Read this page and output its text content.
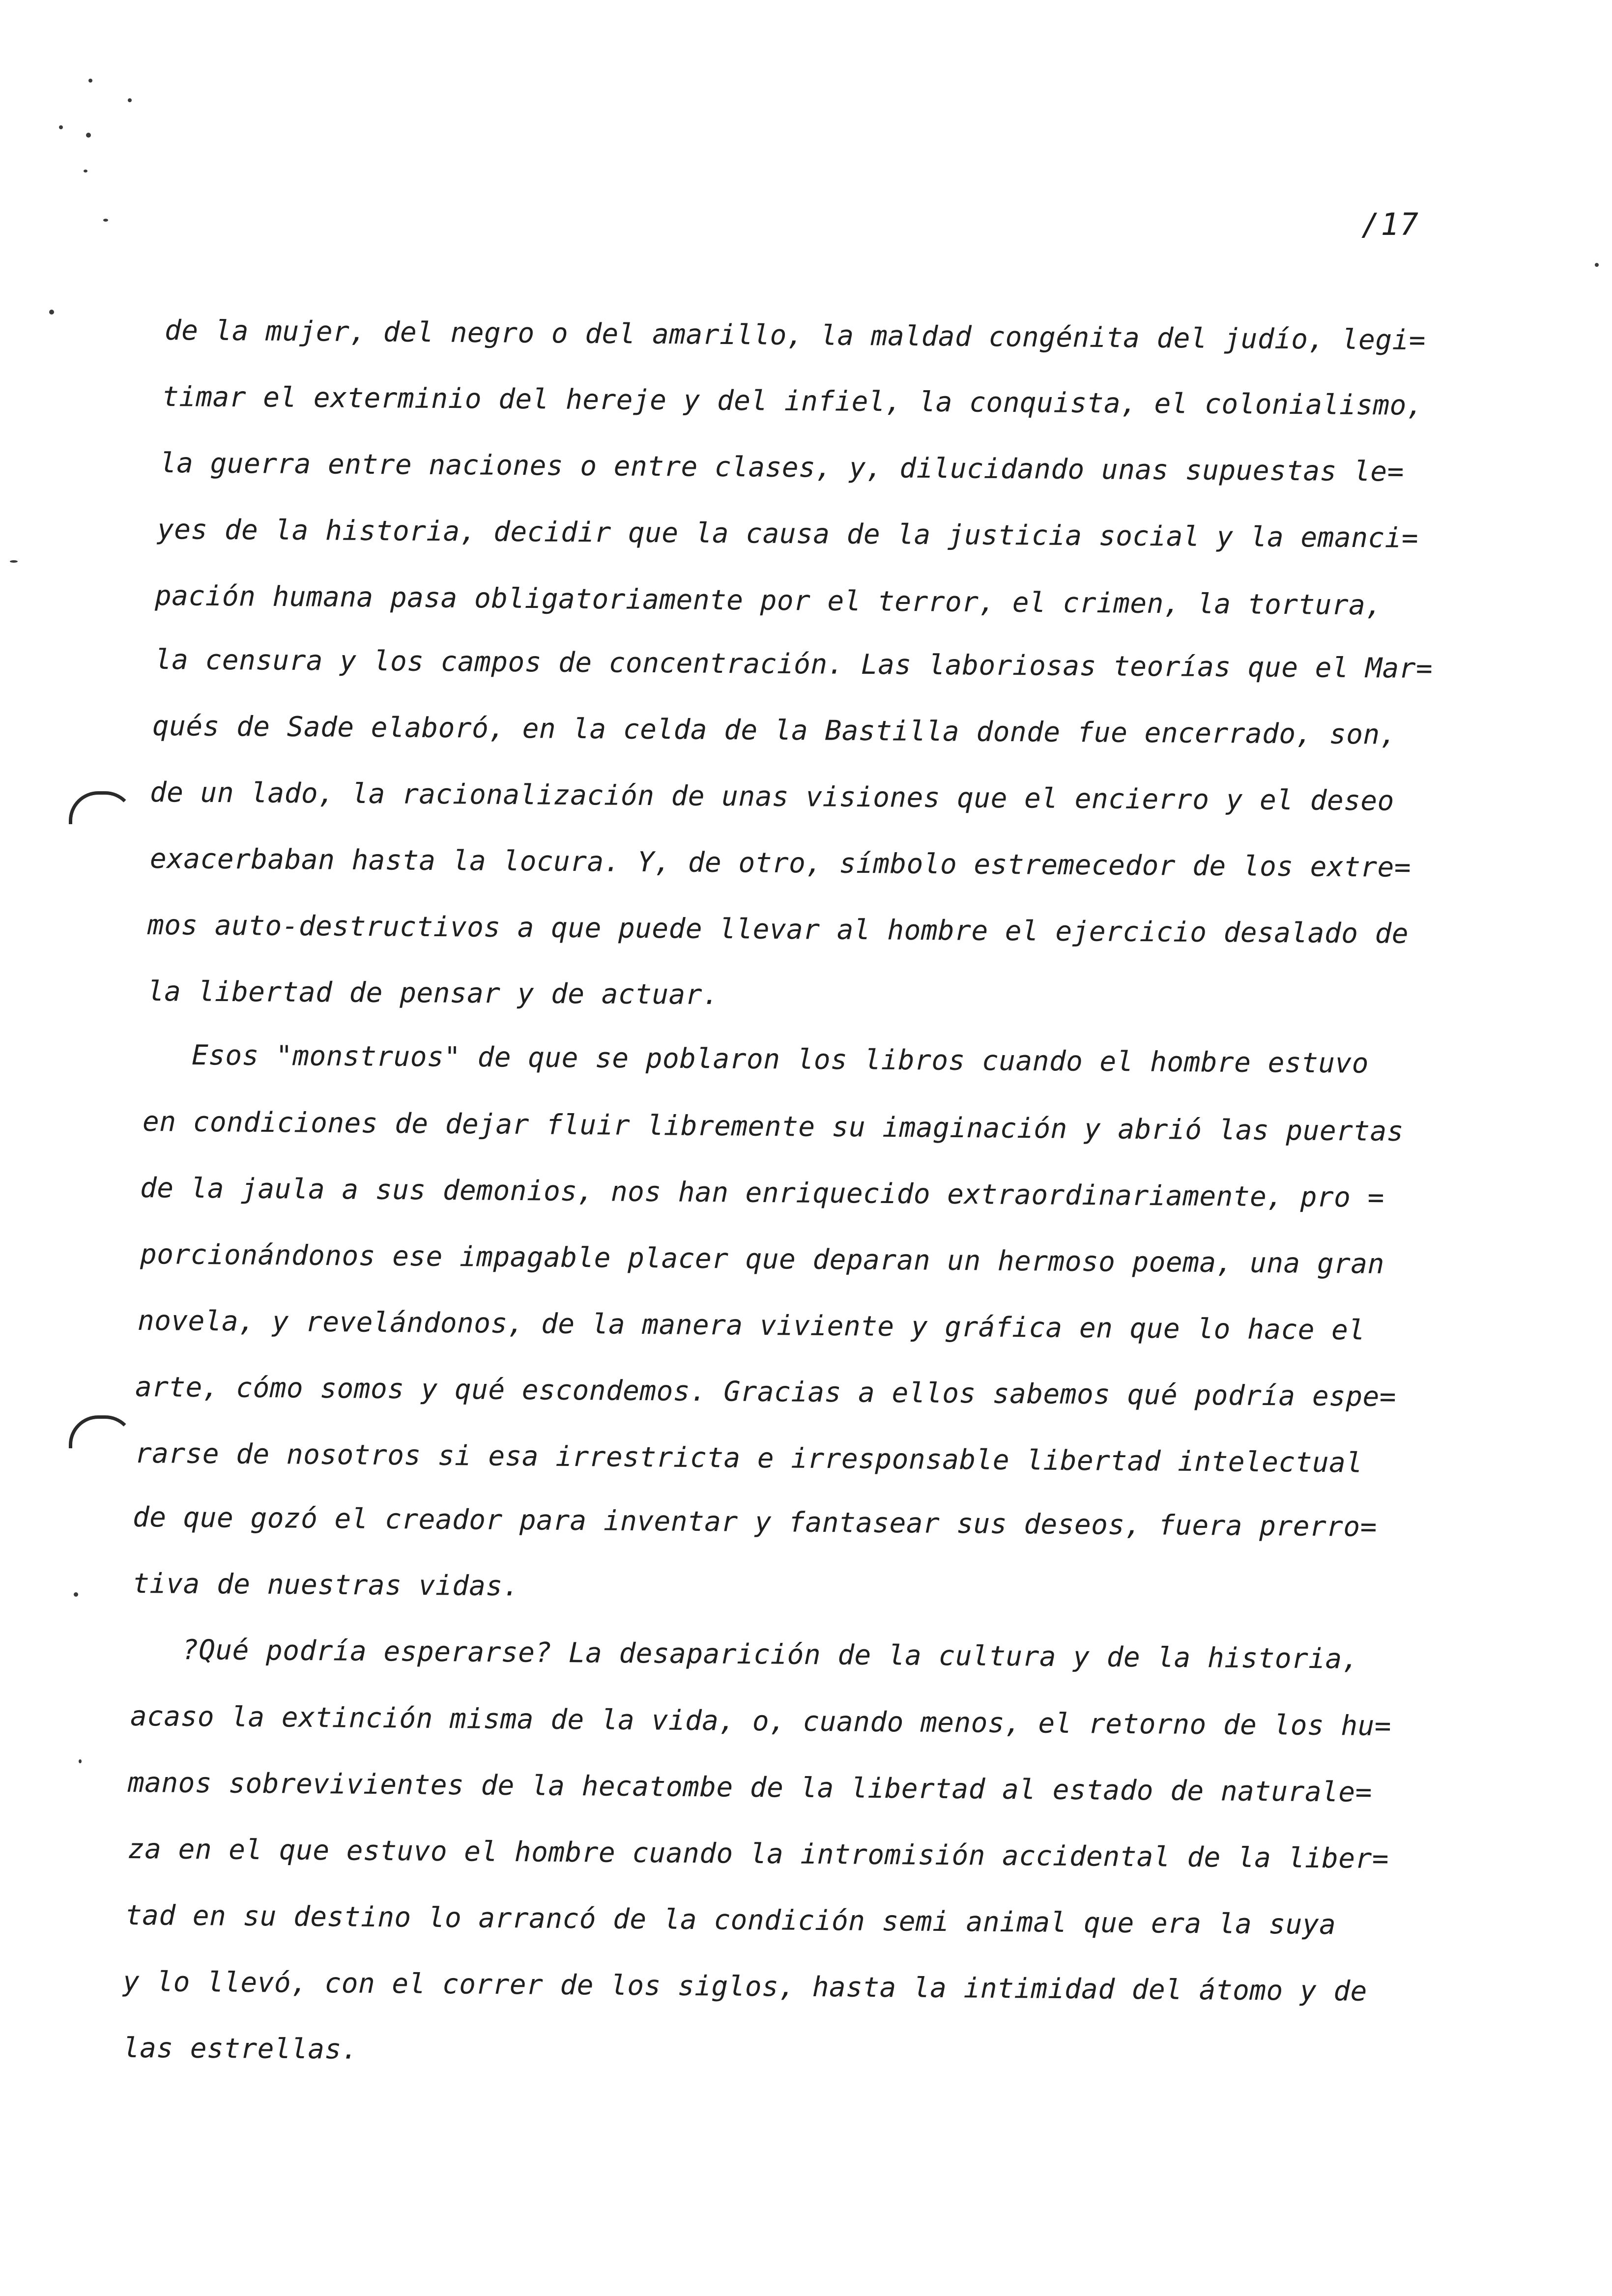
/17
de la mujer, del negro o del amarillo, la maldad congénita del judío, legi=
timar el exterminio del hereje y del infiel, la conquista, el colonialismo,
la guerra entre naciones o entre clases, y, dilucidando unas supuestas le=
yes de la historia, decidir que la causa de la justicia social y la emanci=
pación humana pasa obligatoriamente por el terror, el crimen, la tortura,
la censura y los campos de concentración. Las laboriosas teorías que el Mar=
qués de Sade elaboró, en la celda de la Bastilla donde fue encerrado, son,
de un lado, la racionalización de unas visiones que el encierro y el deseo
exacerbaban hasta la locura. Y, de otro, símbolo estremecedor de los extre=
mos auto-destructivos a que puede llevar al hombre el ejercicio desalado de
la libertad de pensar y de actuar.
Esos "monstruos" de que se poblaron los libros cuando el hombre estuvo
en condiciones de dejar fluir libremente su imaginación y abrió las puertas
de la jaula a sus demonios, nos han enriquecido extraordinariamente, pro =
porcionándonos ese impagable placer que deparan un hermoso poema, una gran
novela, y revelándonos, de la manera viviente y gráfica en que lo hace el
arte, cómo somos y qué escondemos. Gracias a ellos sabemos qué podría espe=
rarse de nosotros si esa irrestricta e irresponsable libertad intelectual
de que gozó el creador para inventar y fantasear sus deseos, fuera prerro=
tiva de nuestras vidas.
?Qué podría esperarse? La desaparición de la cultura y de la historia,
acaso la extinción misma de la vida, o, cuando menos, el retorno de los hu=
manos sobrevivientes de la hecatombe de la libertad al estado de naturale=
za en el que estuvo el hombre cuando la intromisión accidental de la liber=
tad en su destino lo arrancó de la condición semi animal que era la suya
y lo llevó, con el correr de los siglos, hasta la intimidad del átomo y de
las estrellas.
